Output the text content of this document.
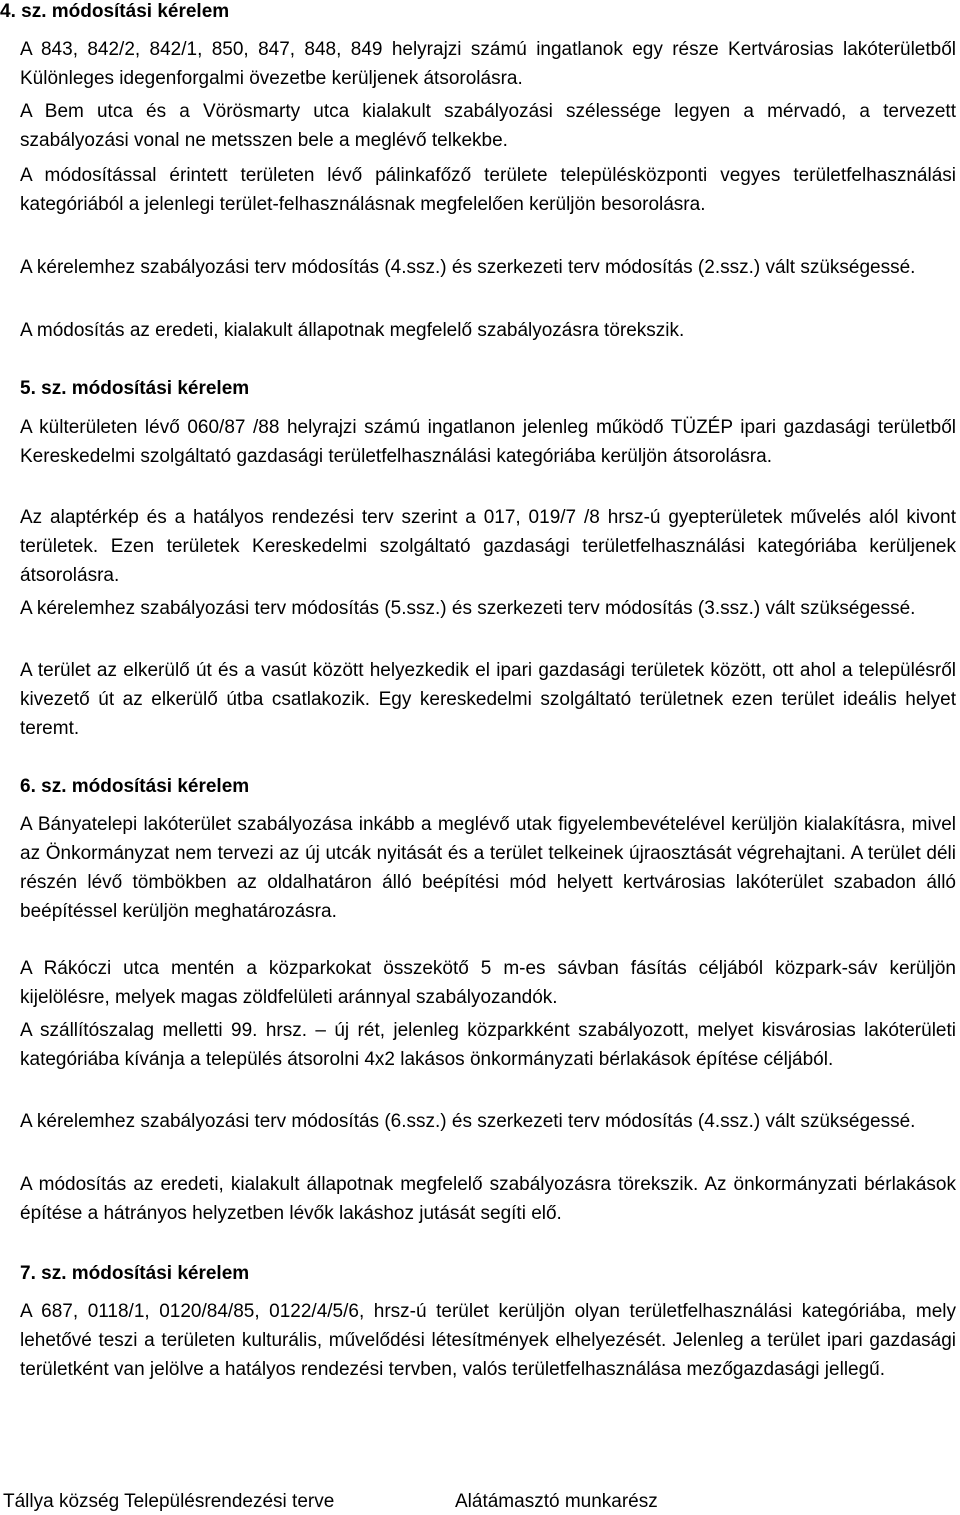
4. sz. módosítási kérelem

A 843, 842/2, 842/1, 850, 847, 848, 849 helyrajzi számú ingatlanok egy része Kertvárosias lakóterületből Különleges idegenforgalmi övezetbe kerüljenek átsorolásra.

A Bem utca és a Vörösmarty utca kialakult szabályozási szélessége legyen a mérvadó, a tervezett szabályozási vonal ne metsszen bele a meglévő telkekbe.

A módosítással érintett területen lévő pálinkafőző területe településközponti vegyes területfelhasználási kategóriából a jelenlegi terület-felhasználásnak megfelelően kerüljön besorolásra.

A kérelemhez szabályozási terv módosítás (4.ssz.) és szerkezeti terv módosítás (2.ssz.) vált szükségessé.

A módosítás az eredeti, kialakult állapotnak megfelelő szabályozásra törekszik.

5. sz. módosítási kérelem

A külterületen lévő 060/87 /88 helyrajzi számú ingatlanon jelenleg működő TÜZÉP ipari gazdasági területből Kereskedelmi szolgáltató gazdasági területfelhasználási kategóriába kerüljön átsorolásra.

Az alaptérkép és a hatályos rendezési terv szerint a 017, 019/7 /8 hrsz-ú gyepterületek művelés alól kivont területek. Ezen területek Kereskedelmi szolgáltató gazdasági területfelhasználási kategóriába kerüljenek átsorolásra.

A kérelemhez szabályozási terv módosítás (5.ssz.) és szerkezeti terv módosítás (3.ssz.) vált szükségessé.

A terület az elkerülő út és a vasút között helyezkedik el ipari gazdasági területek között, ott ahol a településről kivezető út az elkerülő útba csatlakozik. Egy kereskedelmi szolgáltató területnek ezen terület ideális helyet teremt.

6. sz. módosítási kérelem

A Bányatelepi lakóterület szabályozása inkább a meglévő utak figyelembevételével kerüljön kialakításra, mivel az Önkormányzat nem tervezi az új utcák nyitását és a terület telkeinek újraosztását végrehajtani. A terület déli részén lévő tömbökben az oldalhatáron álló beépítési mód helyett kertvárosias lakóterület szabadon álló beépítéssel kerüljön meghatározásra.

A Rákóczi utca mentén a közparkokat összekötő 5 m-es sávban fásítás céljából közpark-sáv kerüljön kijelölésre, melyek magas zöldfelületi aránnyal szabályozandók.

A szállítószalag melletti 99. hrsz. – új rét, jelenleg közparkként szabályozott, melyet kisvárosias lakóterületi kategóriába kívánja a település átsorolni 4x2 lakásos önkormányzati bérlakások építése céljából.

A kérelemhez szabályozási terv módosítás (6.ssz.) és szerkezeti terv módosítás (4.ssz.) vált szükségessé.

A módosítás az eredeti, kialakult állapotnak megfelelő szabályozásra törekszik. Az önkormányzati bérlakások építése a hátrányos helyzetben lévők lakáshoz jutását segíti elő.

7. sz. módosítási kérelem

A 687, 0118/1, 0120/84/85, 0122/4/5/6, hrsz-ú terület kerüljön olyan területfelhasználási kategóriába, mely lehetővé teszi a területen kulturális, művelődési létesítmények elhelyezését. Jelenleg a terület ipari gazdasági területként van jelölve a hatályos rendezési tervben, valós területfelhasználása mezőgazdasági jellegű.

Tállya község Településrendezési terve	Alátámasztó munkarész
